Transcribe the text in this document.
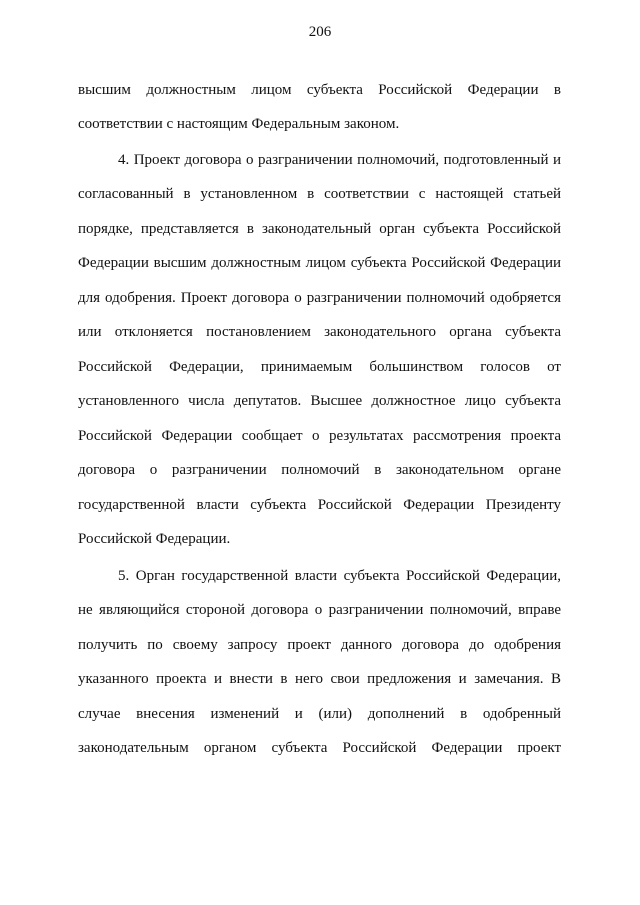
206
высшим должностным лицом субъекта Российской Федерации в
соответствии с настоящим Федеральным законом.
4. Проект договора о разграничении полномочий, подготовленный и
согласованный в установленном в соответствии с настоящей статьей
порядке, представляется в законодательный орган субъекта Российской
Федерации высшим должностным лицом субъекта Российской Федерации
для одобрения. Проект договора о разграничении полномочий одобряется
или отклоняется постановлением законодательного органа субъекта
Российской Федерации, принимаемым большинством голосов от
установленного числа депутатов. Высшее должностное лицо субъекта
Российской Федерации сообщает о результатах рассмотрения проекта
договора о разграничении полномочий в законодательном органе
государственной власти субъекта Российской Федерации Президенту
Российской Федерации.
5. Орган государственной власти субъекта Российской Федерации,
не являющийся стороной договора о разграничении полномочий, вправе
получить по своему запросу проект данного договора до одобрения
указанного проекта и внести в него свои предложения и замечания. В
случае внесения изменений и (или) дополнений в одобренный
законодательным органом субъекта Российской Федерации проект
